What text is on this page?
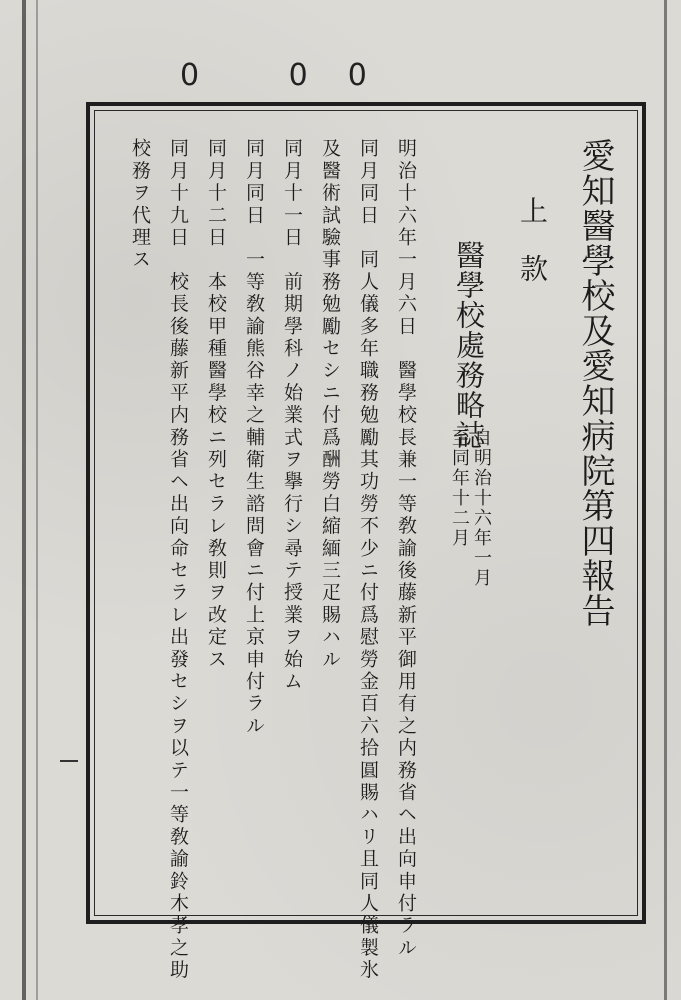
0 00
愛知醫學校及愛知病院第四報告
上款
醫學校處務略誌
自明治十六年一月
至同年十二月
明治十六年一月六日　醫學校長兼一等敎諭後藤新平御用有之内務省ヘ出向申付ラル
同月同日　同人儀多年職務勉勵其功勞不少ニ付爲慰勞金百六拾圓賜ハリ且同人儀製氷
及醫術試驗事務勉勵セシニ付爲酬勞白縮緬三疋賜ハル
同月十一日　前期學科ノ始業式ヲ擧行シ尋テ授業ヲ始ム
同月同日　一等敎諭熊谷幸之輔衛生諮問會ニ付上京申付ラル
同月十二日　本校甲種醫學校ニ列セラレ敎則ヲ改定ス
同月十九日　校長後藤新平内務省ヘ出向命セラレ出發セシヲ以テ一等敎諭鈴木孝之助
校務ヲ代理ス
